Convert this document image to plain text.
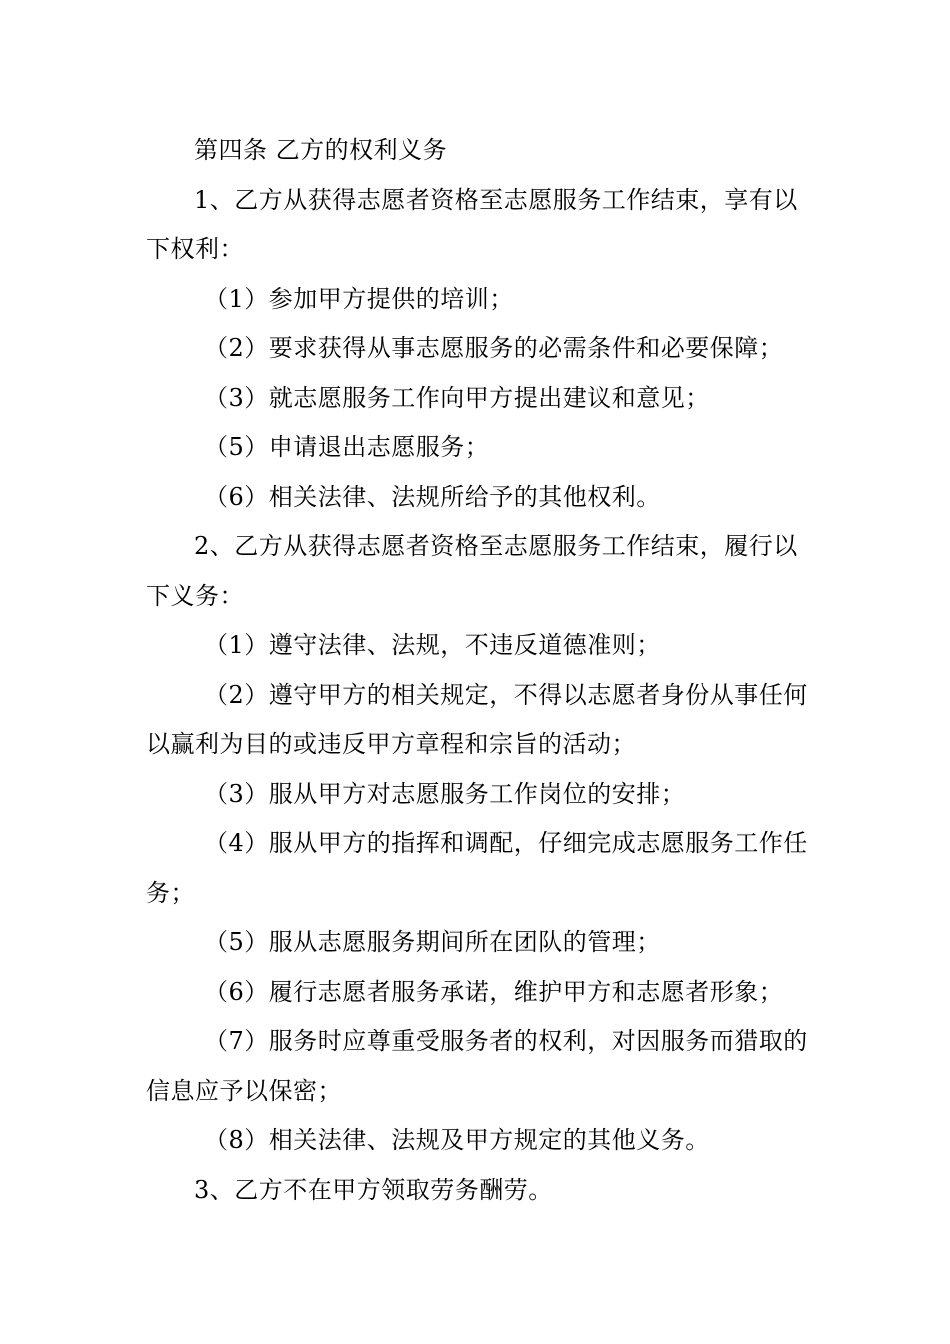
第四条 乙方的权利义务

1、乙方从获得志愿者资格至志愿服务工作结束，享有以下权利：

（1）参加甲方提供的培训；

（2）要求获得从事志愿服务的必需条件和必要保障；

（3）就志愿服务工作向甲方提出建议和意见；

（5）申请退出志愿服务；

（6）相关法律、法规所给予的其他权利。

2、乙方从获得志愿者资格至志愿服务工作结束，履行以下义务：

（1）遵守法律、法规，不违反道德准则；

（2）遵守甲方的相关规定，不得以志愿者身份从事任何以赢利为目的或违反甲方章程和宗旨的活动；

（3）服从甲方对志愿服务工作岗位的安排；

（4）服从甲方的指挥和调配，仔细完成志愿服务工作任务；

（5）服从志愿服务期间所在团队的管理；

（6）履行志愿者服务承诺，维护甲方和志愿者形象；

（7）服务时应尊重受服务者的权利，对因服务而猎取的信息应予以保密；

（8）相关法律、法规及甲方规定的其他义务。

3、乙方不在甲方领取劳务酬劳。
